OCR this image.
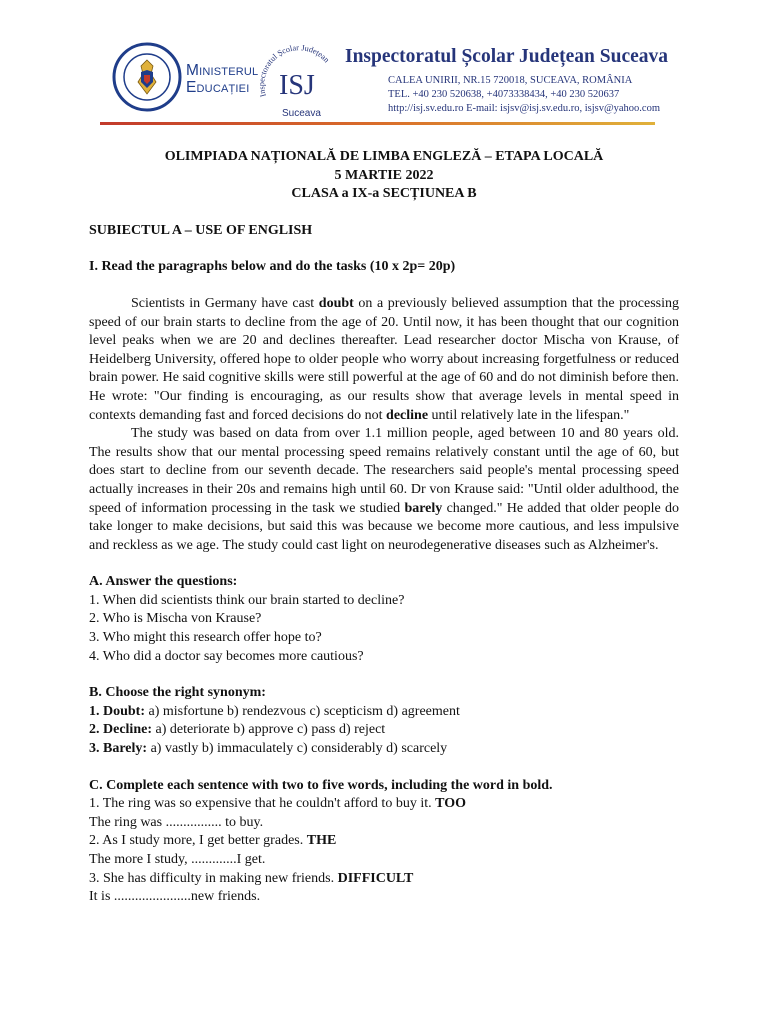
Ministerul
Educației	Inspectoratul Școlar Județean
ISJ
Suceava
Inspectoratul Școlar Județean Suceava
CALEA UNIRII, NR.15 720018, SUCEAVA, ROMÂNIA
TEL. +40 230 520638, +4073338434, +40 230 520637
http://isj.sv.edu.ro E-mail: isjsv@isj.sv.edu.ro, isjsv@yahoo.com

OLIMPIADA NAȚIONALĂ DE LIMBA ENGLEZĂ – ETAPA LOCALĂ

5 MARTIE 2022

CLASA a IX-a SECȚIUNEA B

SUBIECTUL A – USE OF ENGLISH

I. Read the paragraphs below and do the tasks (10 x 2p= 20p)

Scientists in Germany have cast doubt on a previously believed assumption that the processing speed of our brain starts to decline from the age of 20. Until now, it has been thought that our cognition level peaks when we are 20 and declines thereafter. Lead researcher doctor Mischa von Krause, of Heidelberg University, offered hope to older people who worry about increasing forgetfulness or reduced brain power. He said cognitive skills were still powerful at the age of 60 and do not diminish before then. He wrote: "Our finding is encouraging, as our results show that average levels in mental speed in contexts demanding fast and forced decisions do not decline until relatively late in the lifespan."

The study was based on data from over 1.1 million people, aged between 10 and 80 years old. The results show that our mental processing speed remains relatively constant until the age of 60, but does start to decline from our seventh decade. The researchers said people's mental processing speed actually increases in their 20s and remains high until 60. Dr von Krause said: "Until older adulthood, the speed of information processing in the task we studied barely changed." He added that older people do take longer to make decisions, but said this was because we become more cautious, and less impulsive and reckless as we age. The study could cast light on neurodegenerative diseases such as Alzheimer's.

A. Answer the questions:

1. When did scientists think our brain started to decline?

2. Who is Mischa von Krause?

3. Who might this research offer hope to?

4. Who did a doctor say becomes more cautious?

B. Choose the right synonym:

1. Doubt: a) misfortune b) rendezvous c) scepticism d) agreement

2. Decline: a) deteriorate b) approve c) pass d) reject

3. Barely: a) vastly b) immaculately c) considerably d) scarcely

C. Complete each sentence with two to five words, including the word in bold.

1. The ring was so expensive that he couldn't afford to buy it. TOO

The ring was ................ to buy.

2. As I study more, I get better grades. THE

The more I study, .............I get.

3. She has difficulty in making new friends. DIFFICULT

It is ......................new friends.
